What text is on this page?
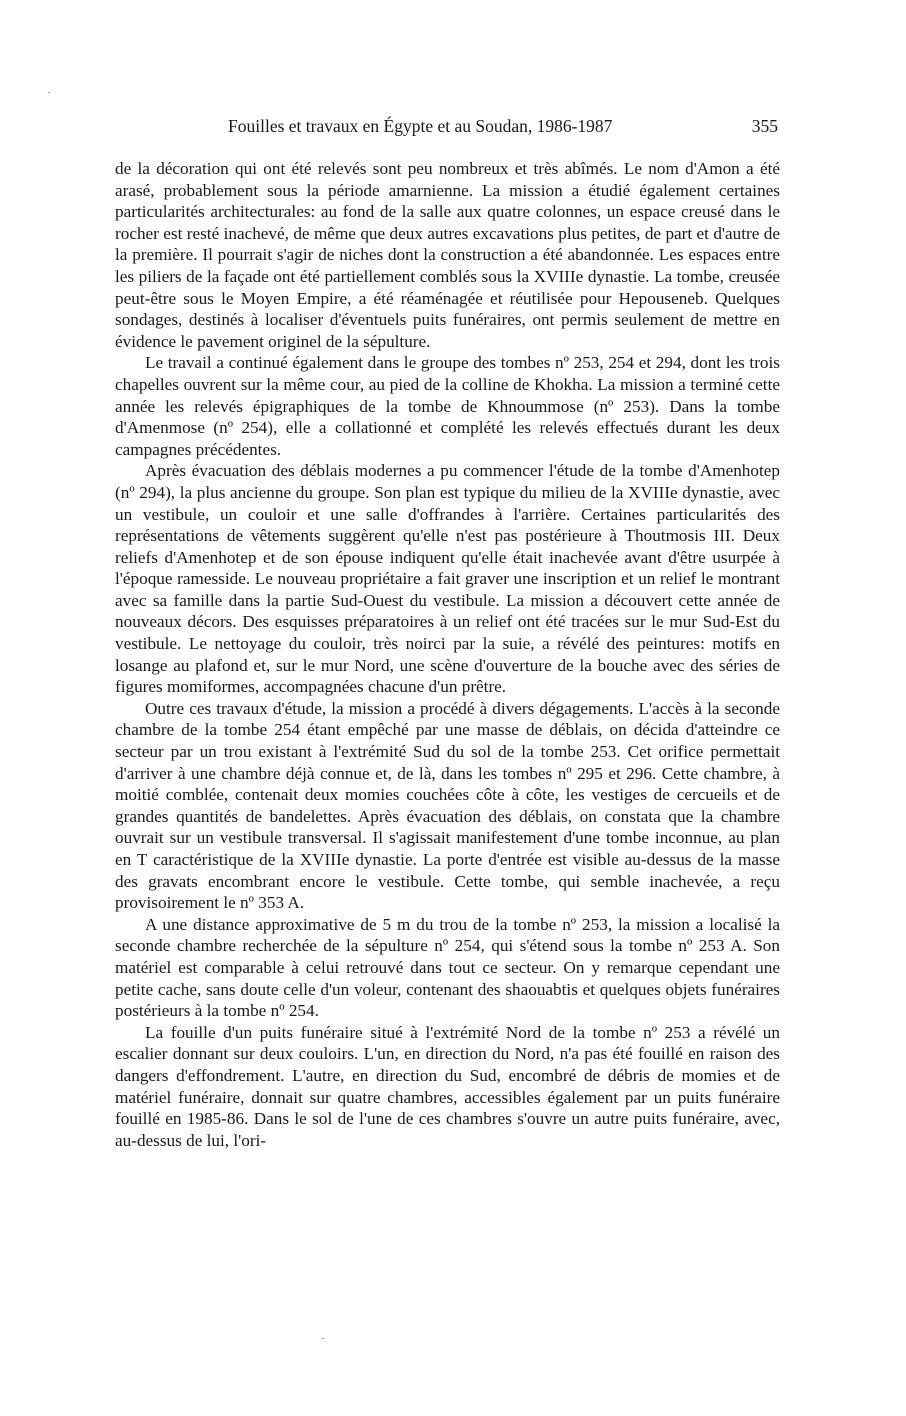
Fouilles et travaux en Égypte et au Soudan, 1986-1987	355

de la décoration qui ont été relevés sont peu nombreux et très abîmés. Le nom d'Amon a été arasé, probablement sous la période amarnienne. La mission a étudié également certaines particularités architecturales: au fond de la salle aux quatre colonnes, un espace creusé dans le rocher est resté inachevé, de même que deux autres excavations plus petites, de part et d'autre de la première. Il pourrait s'agir de niches dont la construction a été abandonnée. Les espaces entre les piliers de la façade ont été partiellement comblés sous la XVIIIe dynastie. La tombe, creusée peut-être sous le Moyen Empire, a été réaménagée et réutilisée pour Hepouseneb. Quelques sondages, destinés à localiser d'éventuels puits funéraires, ont permis seulement de mettre en évidence le pavement originel de la sépulture.

Le travail a continué également dans le groupe des tombes nº 253, 254 et 294, dont les trois chapelles ouvrent sur la même cour, au pied de la colline de Khokha. La mission a terminé cette année les relevés épigraphiques de la tombe de Khnoummose (nº 253). Dans la tombe d'Amenmose (nº 254), elle a collationné et complété les relevés effectués durant les deux campagnes précédentes.

Après évacuation des déblais modernes a pu commencer l'étude de la tombe d'Amenhotep (nº 294), la plus ancienne du groupe. Son plan est typique du milieu de la XVIIIe dynastie, avec un vestibule, un couloir et une salle d'offrandes à l'arrière. Certaines particularités des représentations de vêtements suggèrent qu'elle n'est pas postérieure à Thoutmosis III. Deux reliefs d'Amenhotep et de son épouse indiquent qu'elle était inachevée avant d'être usurpée à l'époque ramesside. Le nouveau propriétaire a fait graver une inscription et un relief le montrant avec sa famille dans la partie Sud-Ouest du vestibule. La mission a découvert cette année de nouveaux décors. Des esquisses préparatoires à un relief ont été tracées sur le mur Sud-Est du vestibule. Le nettoyage du couloir, très noirci par la suie, a révélé des peintures: motifs en losange au plafond et, sur le mur Nord, une scène d'ouverture de la bouche avec des séries de figures momiformes, accompagnées chacune d'un prêtre.

Outre ces travaux d'étude, la mission a procédé à divers dégagements. L'accès à la seconde chambre de la tombe 254 étant empêché par une masse de déblais, on décida d'atteindre ce secteur par un trou existant à l'extrémité Sud du sol de la tombe 253. Cet orifice permettait d'arriver à une chambre déjà connue et, de là, dans les tombes nº 295 et 296. Cette chambre, à moitié comblée, contenait deux momies couchées côte à côte, les vestiges de cercueils et de grandes quantités de bandelettes. Après évacuation des déblais, on constata que la chambre ouvrait sur un vestibule transversal. Il s'agissait manifestement d'une tombe inconnue, au plan en T caractéristique de la XVIIIe dynastie. La porte d'entrée est visible au-dessus de la masse des gravats encombrant encore le vestibule. Cette tombe, qui semble inachevée, a reçu provisoirement le nº 353 A.

A une distance approximative de 5 m du trou de la tombe nº 253, la mission a localisé la seconde chambre recherchée de la sépulture nº 254, qui s'étend sous la tombe nº 253 A. Son matériel est comparable à celui retrouvé dans tout ce secteur. On y remarque cependant une petite cache, sans doute celle d'un voleur, contenant des shaouabtis et quelques objets funéraires postérieurs à la tombe nº 254.

La fouille d'un puits funéraire situé à l'extrémité Nord de la tombe nº 253 a révélé un escalier donnant sur deux couloirs. L'un, en direction du Nord, n'a pas été fouillé en raison des dangers d'effondrement. L'autre, en direction du Sud, encombré de débris de momies et de matériel funéraire, donnait sur quatre chambres, accessibles également par un puits funéraire fouillé en 1985-86. Dans le sol de l'une de ces chambres s'ouvre un autre puits funéraire, avec, au-dessus de lui, l'ori-
